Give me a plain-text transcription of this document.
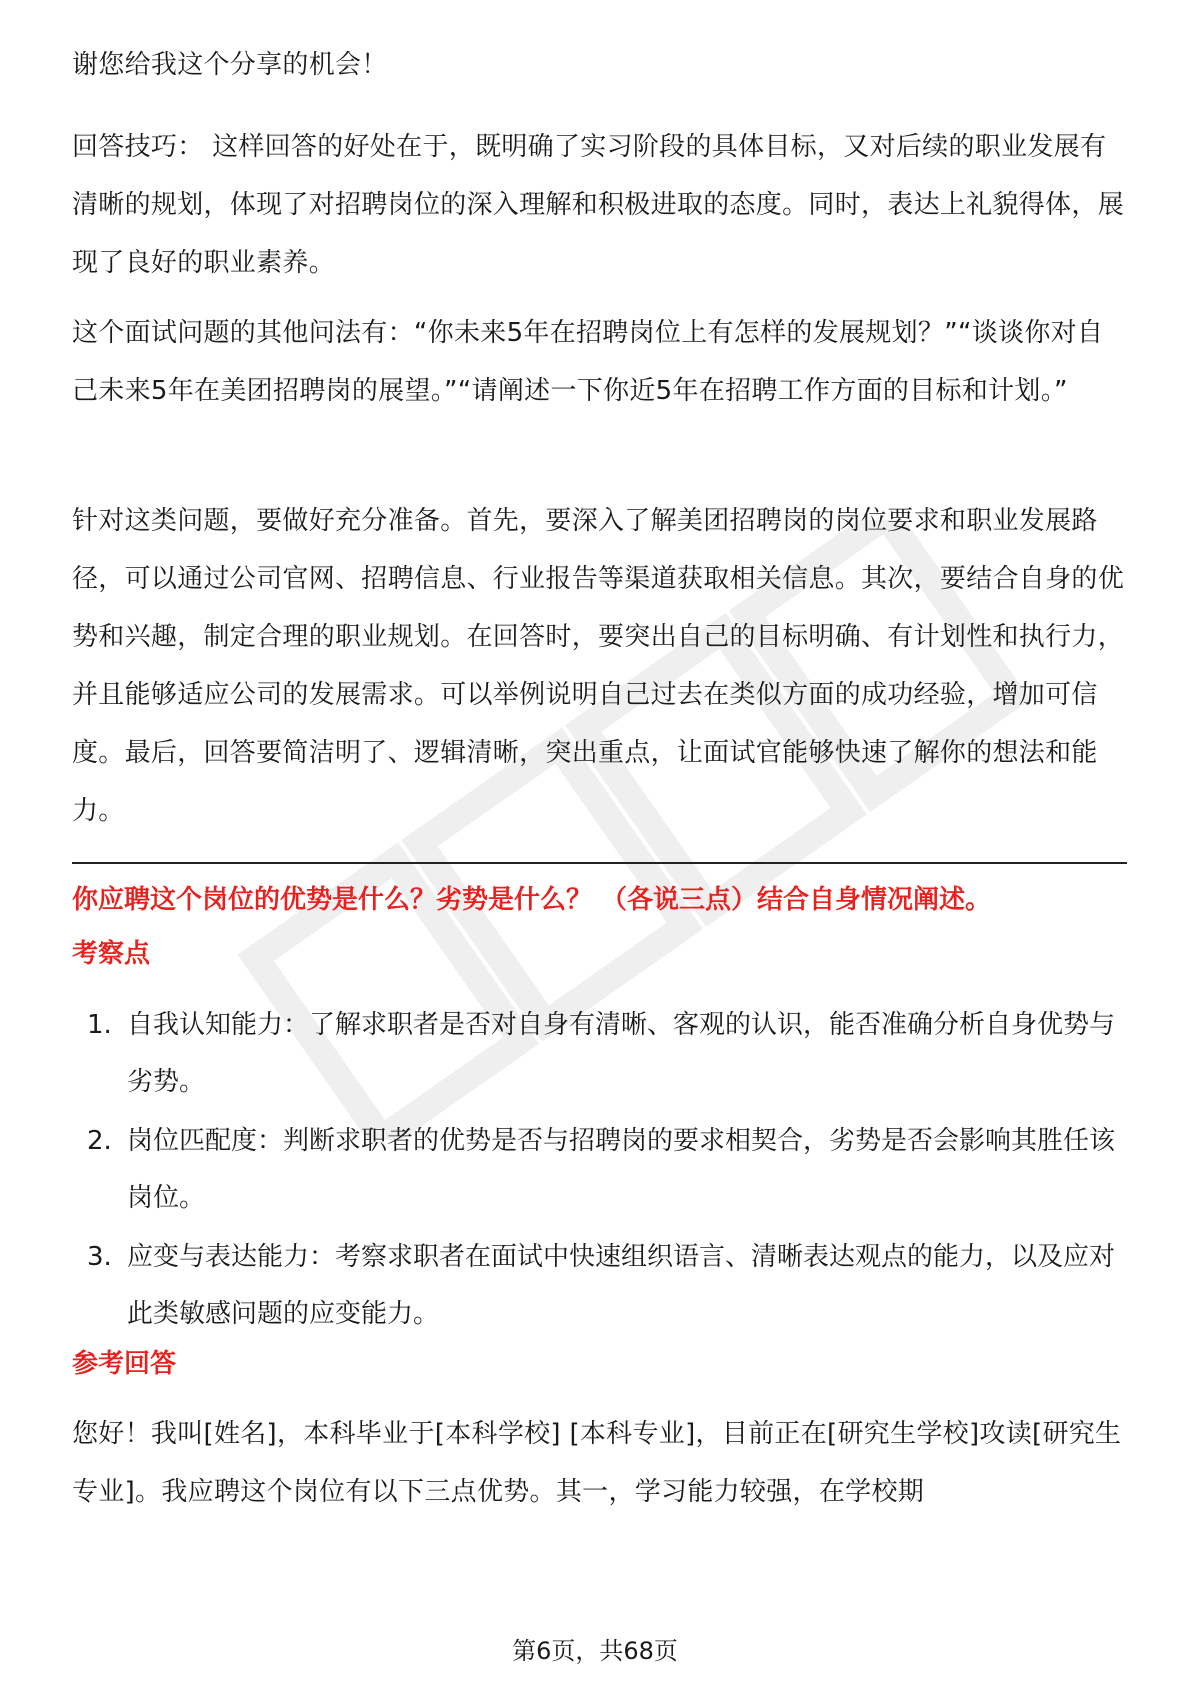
谢您给我这个分享的机会！

回答技巧： 这样回答的好处在于，既明确了实习阶段的具体目标，又对后续的职业发展有清晰的规划，体现了对招聘岗位的深入理解和积极进取的态度。同时，表达上礼貌得体，展现了良好的职业素养。

这个面试问题的其他问法有：“你未来5年在招聘岗位上有怎样的发展规划？”“谈谈你对自己未来5年在美团招聘岗的展望。”“请阐述一下你近5年在招聘工作方面的目标和计划。”

针对这类问题，要做好充分准备。首先，要深入了解美团招聘岗的岗位要求和职业发展路径，可以通过公司官网、招聘信息、行业报告等渠道获取相关信息。其次，要结合自身的优势和兴趣，制定合理的职业规划。在回答时，要突出自己的目标明确、有计划性和执行力，并且能够适应公司的发展需求。可以举例说明自己过去在类似方面的成功经验，增加可信度。最后，回答要简洁明了、逻辑清晰，突出重点，让面试官能够快速了解你的想法和能力。

你应聘这个岗位的优势是什么？劣势是什么？ （各说三点）结合自身情况阐述。

考察点

1. 自我认知能力：了解求职者是否对自身有清晰、客观的认识，能否准确分析自身优势与劣势。
2. 岗位匹配度：判断求职者的优势是否与招聘岗的要求相契合，劣势是否会影响其胜任该岗位。
3. 应变与表达能力：考察求职者在面试中快速组织语言、清晰表达观点的能力，以及应对此类敏感问题的应变能力。

参考回答

您好！我叫[姓名]，本科毕业于[本科学校] [本科专业]，目前正在[研究生学校]攻读[研究生专业]。我应聘这个岗位有以下三点优势。其一，学习能力较强，在学校期

第6页，共68页
